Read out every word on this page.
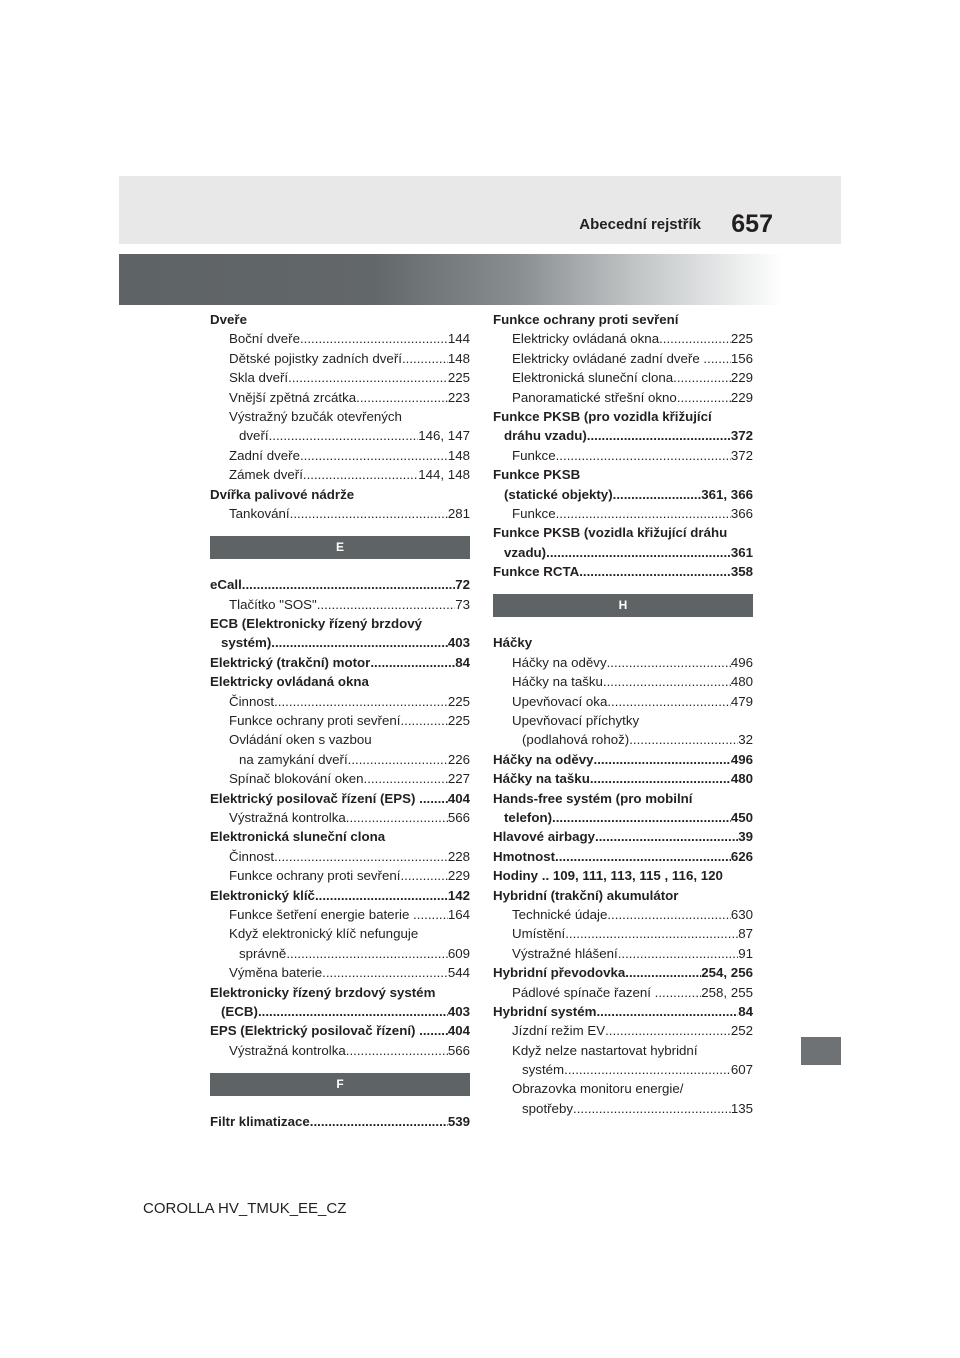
Abecední rejstřík 657
Dveře
Boční dveře .....	144
Dětské pojistky zadních dveří .....	148
Skla dveří .....	225
Vnější zpětná zrcátka .....	223
Výstražný bzučák otevřených
dveří .....	146, 147
Zadní dveře .....	148
Zámek dveří .....	144, 148
Dvířka palivové nádrže
Tankování .....	281
E
eCall .....	72
Tlačítko "SOS" .....	73
ECB (Elektronicky řízený brzdový
systém) .....	403
Elektrický (trakční) motor .....	84
Elektricky ovládaná okna
Činnost .....	225
Funkce ochrany proti sevření .....	225
Ovládání oken s vazbou
na zamykání dveří .....	226
Spínač blokování oken .....	227
Elektrický posilovač řízení (EPS) .. ..... 404
Výstražná kontrolka .....	566
Elektronická sluneční clona
Činnost .....	228
Funkce ochrany proti sevření .....	229
Elektronický klíč .....	142
Funkce šetření energie baterie .. ..... 164
Když elektronický klíč nefunguje
správně .....	609
Výměna baterie .....	544
Elektronicky řízený brzdový systém
(ECB) .....	403
EPS (Elektrický posilovač řízení) .. ..... 404
Výstražná kontrolka .....	566
F
Filtr klimatizace .....	539
Funkce ochrany proti sevření
Elektricky ovládaná okna .....	225
Elektricky ovládané zadní dveře .. ..... 156
Elektronická sluneční clona .....	229
Panoramatické střešní okno .....	229
Funkce PKSB (pro vozidla křižující
dráhu vzadu) .....	372
Funkce .....	372
Funkce PKSB
(statické objekty) .....	361, 366
Funkce .....	366
Funkce PKSB (vozidla křižující dráhu
vzadu) .....	361
Funkce RCTA .....	358
H
Háčky
Háčky na oděvy .....	496
Háčky na tašku .....	480
Upevňovací oka .....	479
Upevňovací příchytky
(podlahová rohož) .....	32
Háčky na oděvy .....	496
Háčky na tašku .....	480
Hands-free systém (pro mobilní
telefon) .....	450
Hlavové airbagy .....	39
Hmotnost .....	626
Hodiny .. 109, 111, 113, 115 , 116, 120
Hybridní (trakční) akumulátor
Technické údaje .....	630
Umístění .....	87
Výstražné hlášení .....	91
Hybridní převodovka .....	254, 256
Pádlové spínače řazení .... ..... 258, 255
Hybridní systém .....	84
Jízdní režim EV .....	252
Když nelze nastartovat hybridní
systém .....	607
Obrazovka monitoru energie/
spotřeby .....	135
COROLLA HV_TMUK_EE_CZ
